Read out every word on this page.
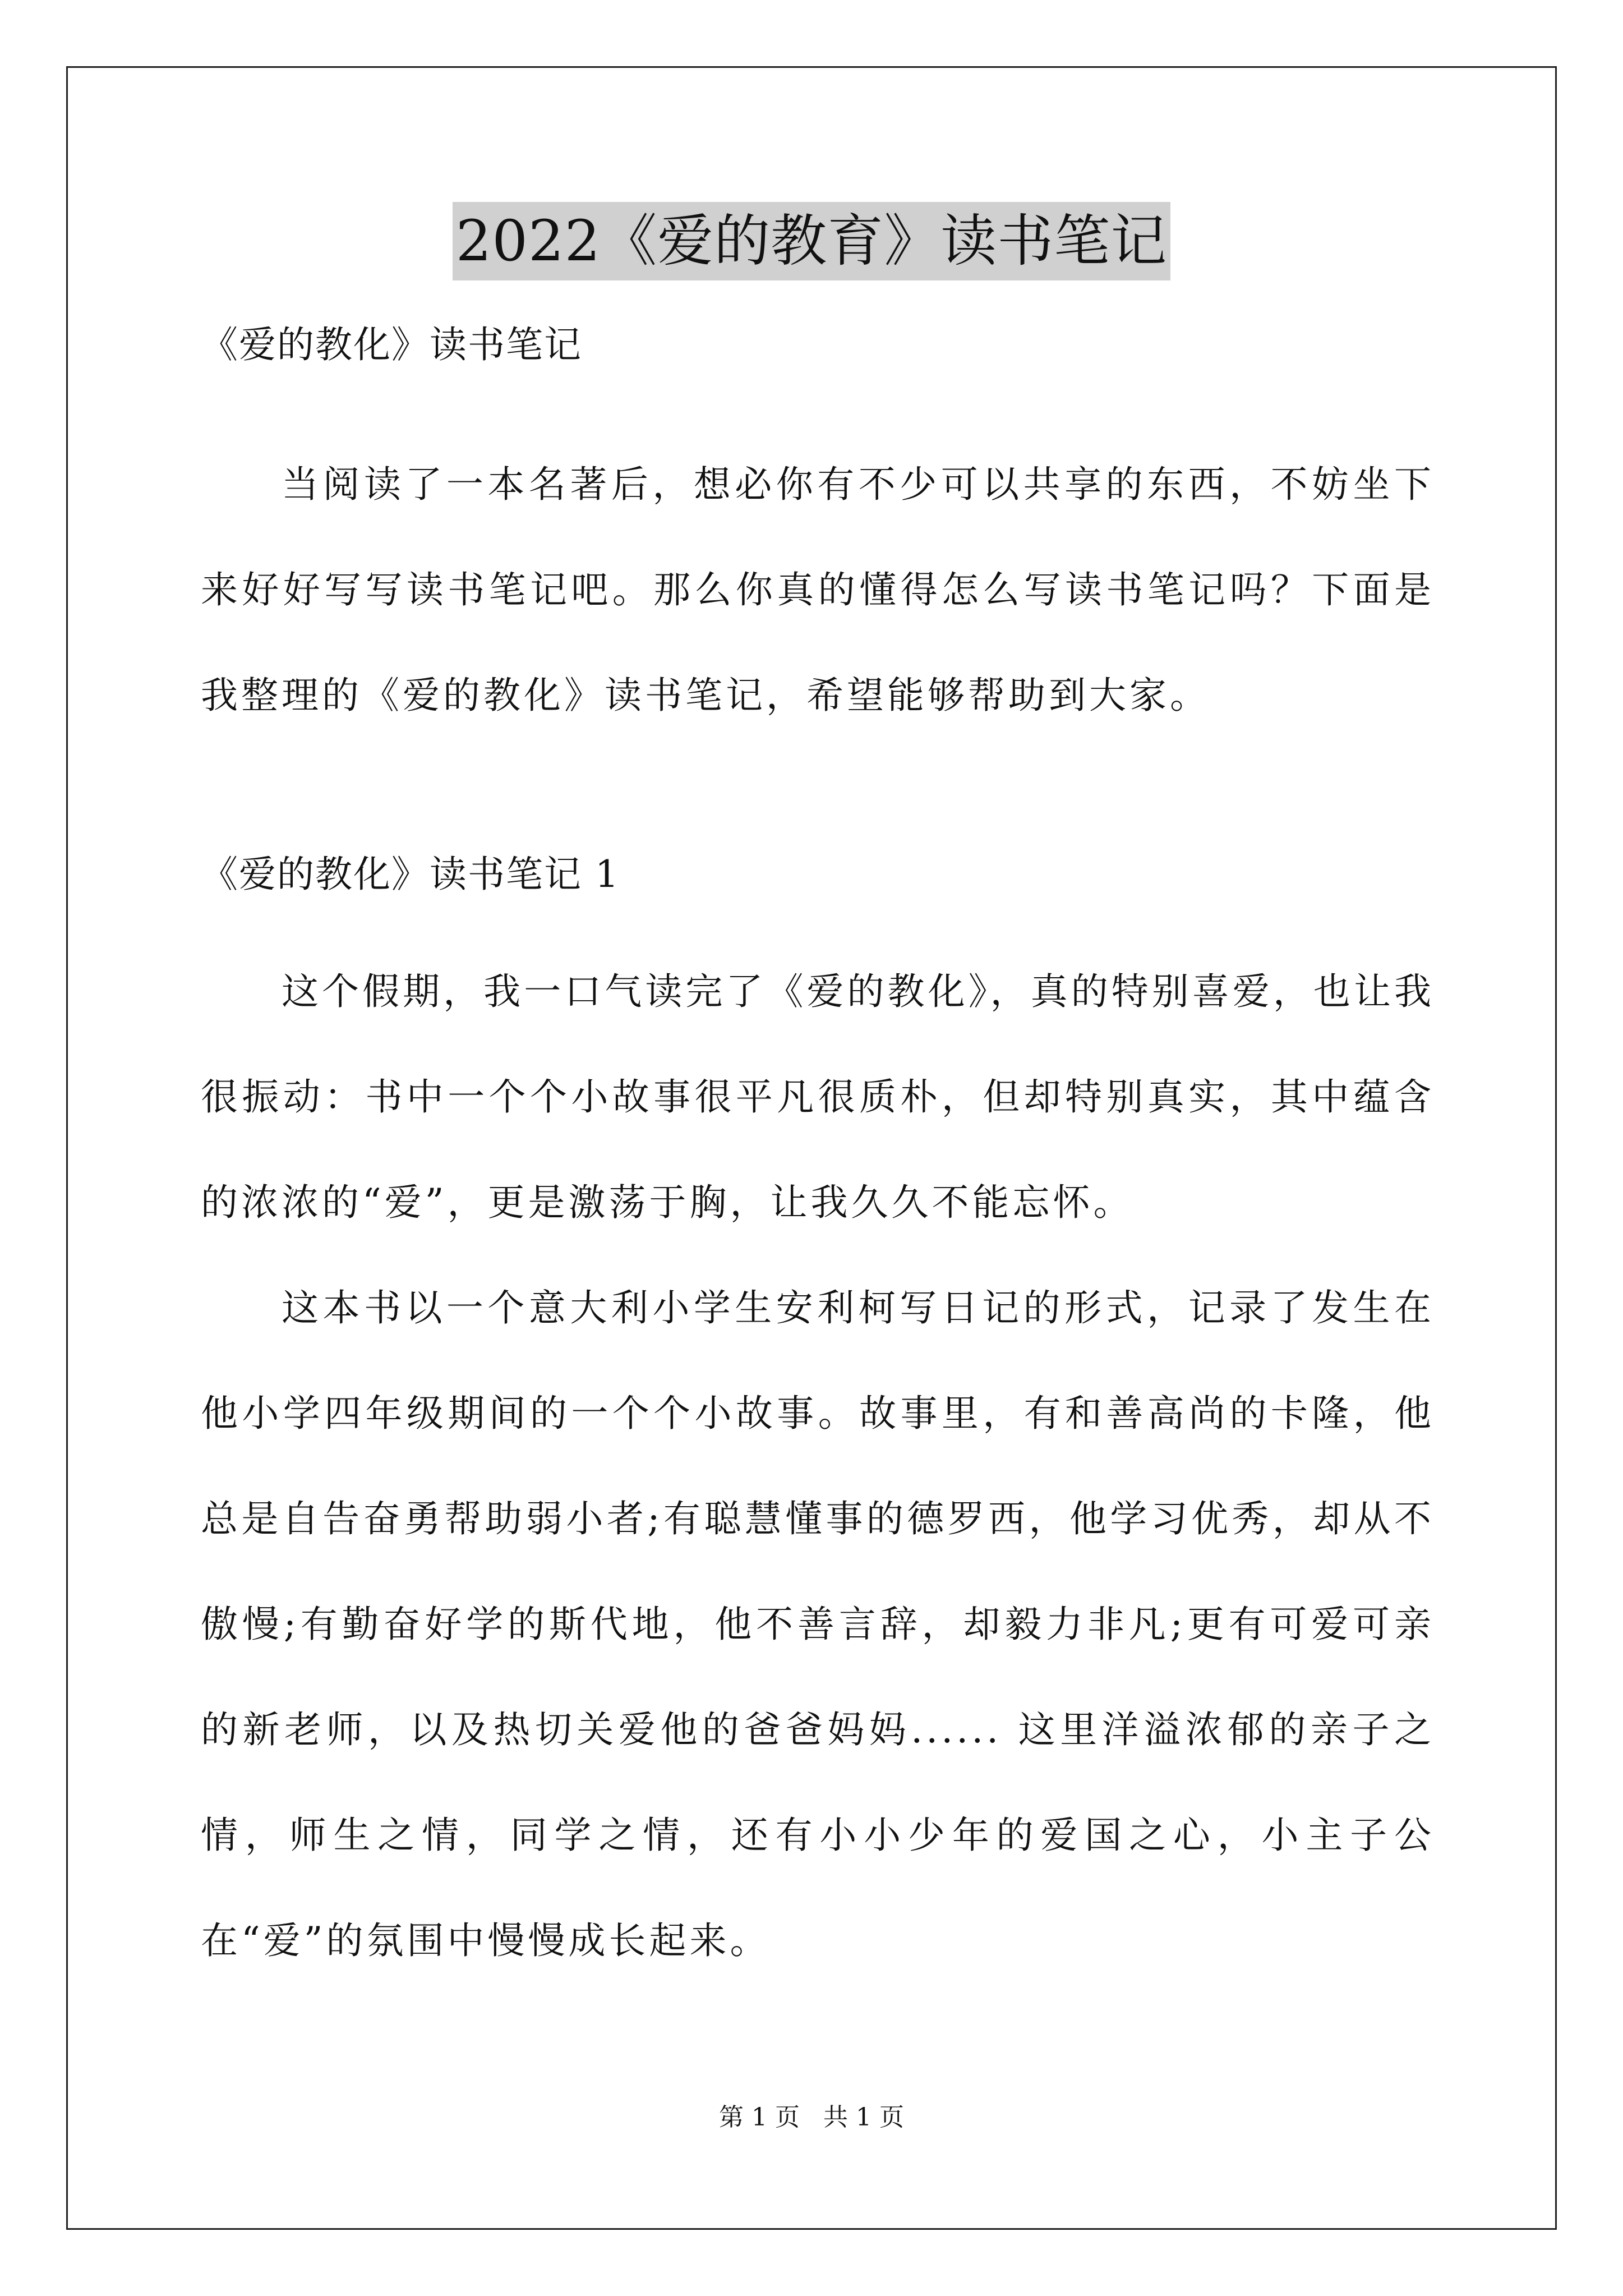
2022《爱的教育》读书笔记

《爱的教化》读书笔记

当阅读了一本名著后，想必你有不少可以共享的东西，不妨坐下来好好写写读书笔记吧。那么你真的懂得怎么写读书笔记吗？下面是我整理的《爱的教化》读书笔记，希望能够帮助到大家。

《爱的教化》读书笔记 1

这个假期，我一口气读完了《爱的教化》，真的特别喜爱，也让我很振动：书中一个个小故事很平凡很质朴，但却特别真实，其中蕴含的浓浓的“爱”，更是激荡于胸，让我久久不能忘怀。

这本书以一个意大利小学生安利柯写日记的形式，记录了发生在他小学四年级期间的一个个小故事。故事里，有和善高尚的卡隆，他总是自告奋勇帮助弱小者;有聪慧懂事的德罗西，他学习优秀，却从不傲慢;有勤奋好学的斯代地，他不善言辞，却毅力非凡;更有可爱可亲的新老师，以及热切关爱他的爸爸妈妈...... 这里洋溢浓郁的亲子之情，师生之情，同学之情，还有小小少年的爱国之心，小主子公在“爱”的氛围中慢慢成长起来。

第 1 页 共 1 页
